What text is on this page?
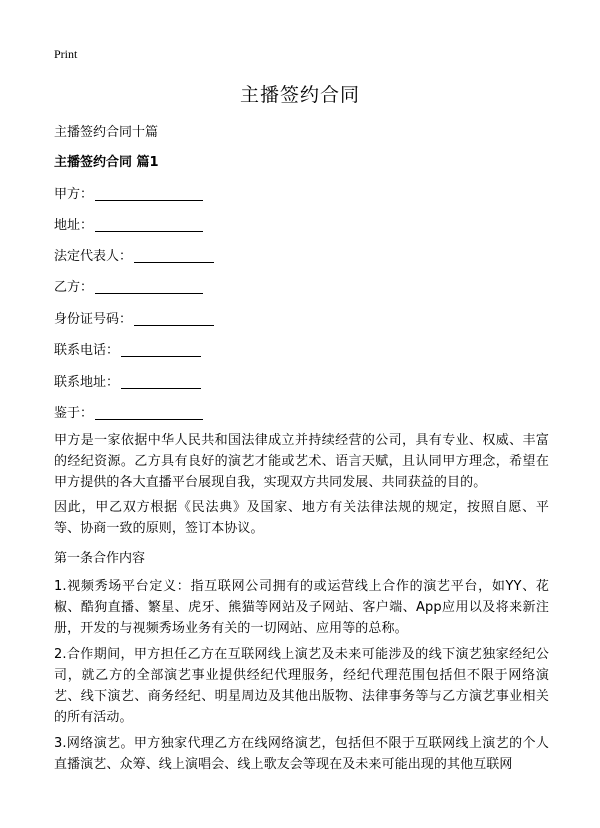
Print
主播签约合同
主播签约合同十篇
主播签约合同 篇1
甲方：
地址：
法定代表人：
乙方：
身份证号码：
联系电话：
联系地址：
鉴于：

甲方是一家依据中华人民共和国法律成立并持续经营的公司，具有专业、权威、丰富的经纪资源。乙方具有良好的演艺才能或艺术、语言天赋，且认同甲方理念，希望在甲方提供的各大直播平台展现自我，实现双方共同发展、共同获益的目的。

因此，甲乙双方根据《民法典》及国家、地方有关法律法规的规定，按照自愿、平等、协商一致的原则，签订本协议。

第一条合作内容

1.视频秀场平台定义：指互联网公司拥有的或运营线上合作的演艺平台，如YY、花椒、酷狗直播、繁星、虎牙、熊猫等网站及子网站、客户端、App应用以及将来新注册，开发的与视频秀场业务有关的一切网站、应用等的总称。

2.合作期间，甲方担任乙方在互联网线上演艺及未来可能涉及的线下演艺独家经纪公司，就乙方的全部演艺事业提供经纪代理服务，经纪代理范围包括但不限于网络演艺、线下演艺、商务经纪、明星周边及其他出版物、法律事务等与乙方演艺事业相关的所有活动。

3.网络演艺。甲方独家代理乙方在线网络演艺，包括但不限于互联网线上演艺的个人直播演艺、众筹、线上演唱会、线上歌友会等现在及未来可能出现的其他互联网
